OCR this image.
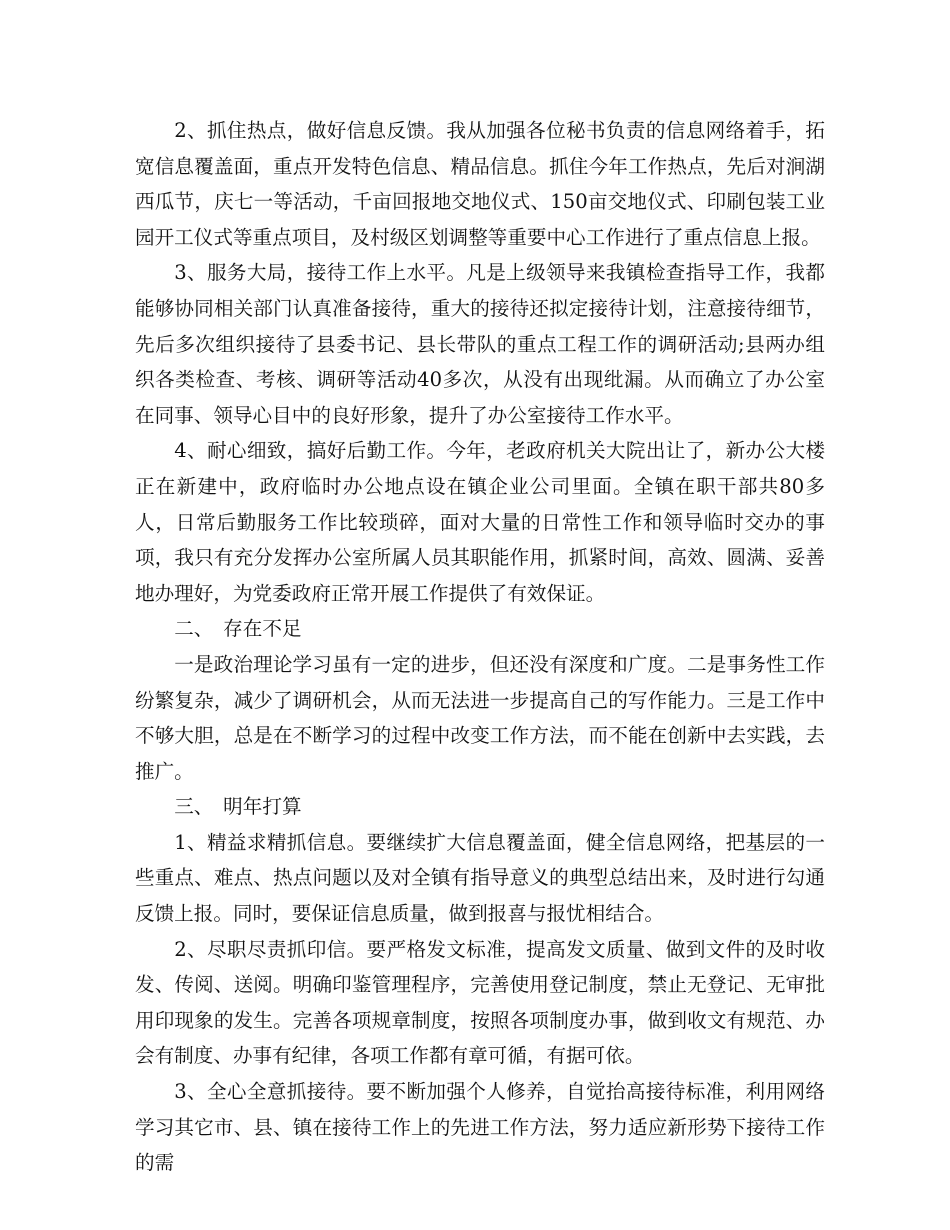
2、抓住热点，做好信息反馈。我从加强各位秘书负责的信息网络着手，拓宽信息覆盖面，重点开发特色信息、精品信息。抓住今年工作热点，先后对涧湖西瓜节，庆七一等活动，千亩回报地交地仪式、150亩交地仪式、印刷包装工业园开工仪式等重点项目，及村级区划调整等重要中心工作进行了重点信息上报。

3、服务大局，接待工作上水平。凡是上级领导来我镇检查指导工作，我都能够协同相关部门认真准备接待，重大的接待还拟定接待计划，注意接待细节，先后多次组织接待了县委书记、县长带队的重点工程工作的调研活动;县两办组织各类检查、考核、调研等活动40多次，从没有出现纰漏。从而确立了办公室在同事、领导心目中的良好形象，提升了办公室接待工作水平。

4、耐心细致，搞好后勤工作。今年，老政府机关大院出让了，新办公大楼正在新建中，政府临时办公地点设在镇企业公司里面。全镇在职干部共80多人，日常后勤服务工作比较琐碎，面对大量的日常性工作和领导临时交办的事项，我只有充分发挥办公室所属人员其职能作用，抓紧时间，高效、圆满、妥善地办理好，为党委政府正常开展工作提供了有效保证。

二、　存在不足

一是政治理论学习虽有一定的进步，但还没有深度和广度。二是事务性工作纷繁复杂，减少了调研机会，从而无法进一步提高自己的写作能力。三是工作中不够大胆，总是在不断学习的过程中改变工作方法，而不能在创新中去实践，去推广。

三、　明年打算

1、精益求精抓信息。要继续扩大信息覆盖面，健全信息网络，把基层的一些重点、难点、热点问题以及对全镇有指导意义的典型总结出来，及时进行勾通反馈上报。同时，要保证信息质量，做到报喜与报忧相结合。

2、尽职尽责抓印信。要严格发文标准，提高发文质量、做到文件的及时收发、传阅、送阅。明确印鉴管理程序，完善使用登记制度，禁止无登记、无审批用印现象的发生。完善各项规章制度，按照各项制度办事，做到收文有规范、办会有制度、办事有纪律，各项工作都有章可循，有据可依。

3、全心全意抓接待。要不断加强个人修养，自觉抬高接待标准，利用网络学习其它市、县、镇在接待工作上的先进工作方法，努力适应新形势下接待工作的需
